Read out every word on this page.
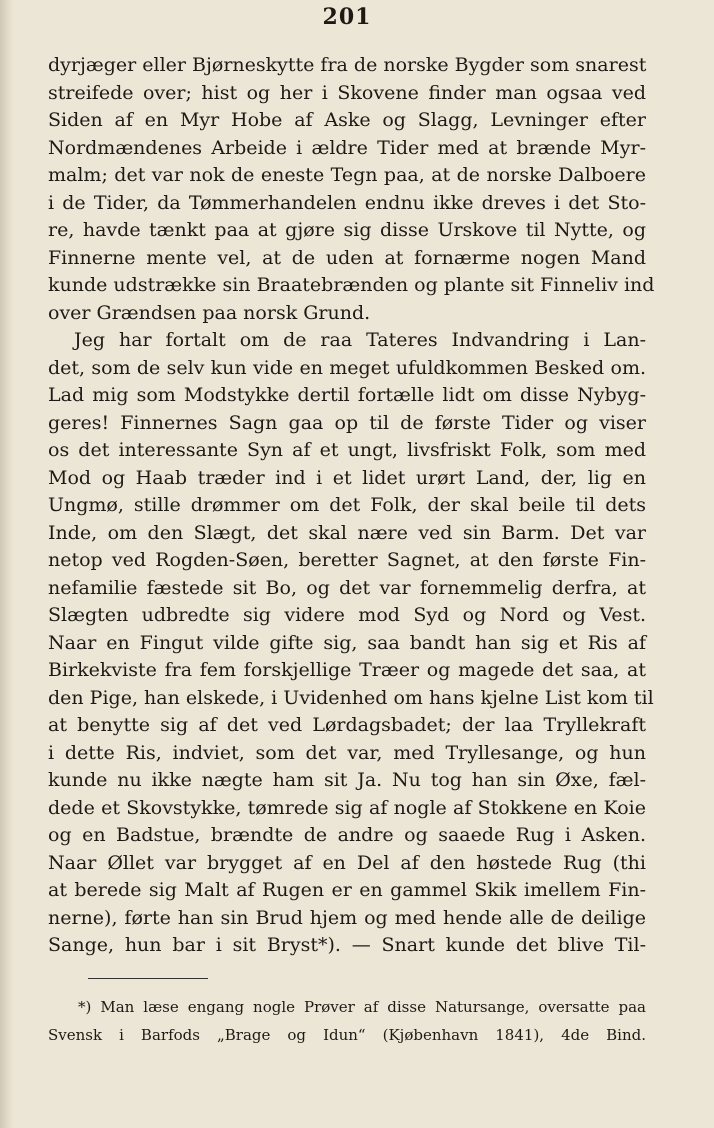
201
dyrjæger eller Bjørneskytte fra de norske Bygder som snarest
streifede over; hist og her i Skovene finder man ogsaa ved
Siden af en Myr Hobe af Aske og Slagg, Levninger efter
Nordmændenes Arbeide i ældre Tider med at brænde Myr-
malm; det var nok de eneste Tegn paa, at de norske Dalboere
i de Tider, da Tømmerhandelen endnu ikke dreves i det Sto-
re, havde tænkt paa at gjøre sig disse Urskove til Nytte, og
Finnerne mente vel, at de uden at fornærme nogen Mand
kunde udstrække sin Braatebrænden og plante sit Finneliv ind
over Grændsen paa norsk Grund.
Jeg har fortalt om de raa Tateres Indvandring i Lan-
det, som de selv kun vide en meget ufuldkommen Besked om.
Lad mig som Modstykke dertil fortælle lidt om disse Nybyg-
geres! Finnernes Sagn gaa op til de første Tider og viser
os det interessante Syn af et ungt, livsfriskt Folk, som med
Mod og Haab træder ind i et lidet urørt Land, der, lig en
Ungmø, stille drømmer om det Folk, der skal beile til dets
Inde, om den Slægt, det skal nære ved sin Barm. Det var
netop ved Rogden-Søen, beretter Sagnet, at den første Fin-
nefamilie fæstede sit Bo, og det var fornemmelig derfra, at
Slægten udbredte sig videre mod Syd og Nord og Vest.
Naar en Fingut vilde gifte sig, saa bandt han sig et Ris af
Birkekviste fra fem forskjellige Træer og magede det saa, at
den Pige, han elskede, i Uvidenhed om hans kjelne List kom til
at benytte sig af det ved Lørdagsbadet; der laa Tryllekraft
i dette Ris, indviet, som det var, med Tryllesange, og hun
kunde nu ikke nægte ham sit Ja. Nu tog han sin Øxe, fæl-
dede et Skovstykke, tømrede sig af nogle af Stokkene en Koie
og en Badstue, brændte de andre og saaede Rug i Asken.
Naar Øllet var brygget af en Del af den høstede Rug (thi
at berede sig Malt af Rugen er en gammel Skik imellem Fin-
nerne), førte han sin Brud hjem og med hende alle de deilige
Sange, hun bar i sit Bryst*). — Snart kunde det blive Til-
*) Man læse engang nogle Prøver af disse Natursange, oversatte paa
Svensk i Barfods „Brage og Idun“ (Kjøbenhavn 1841), 4de Bind.
